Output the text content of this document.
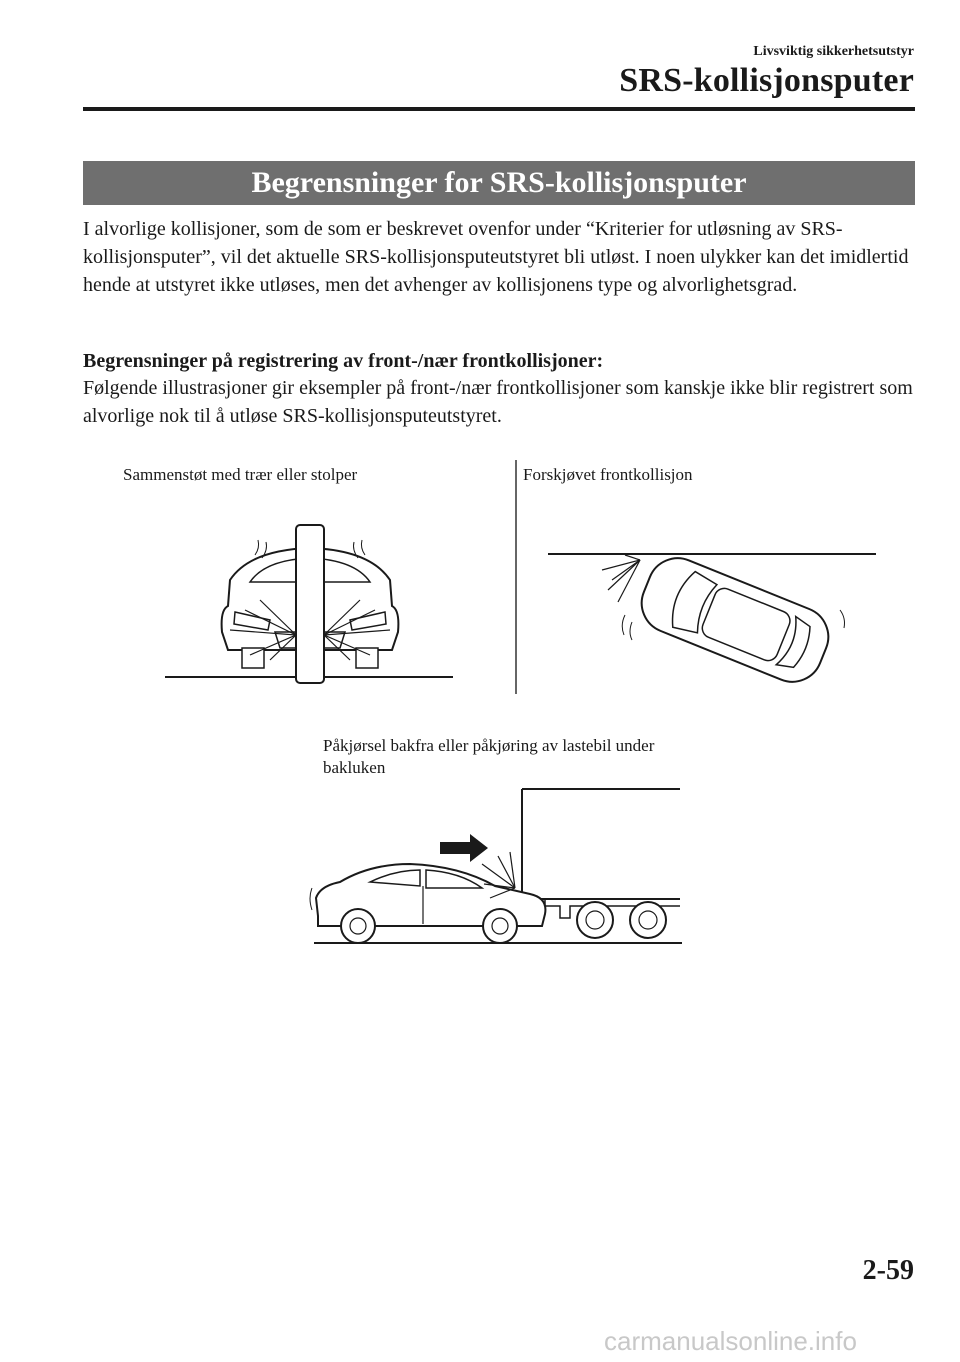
Livsviktig sikkerhetsutstyr
SRS-kollisjonsputer
Begrensninger for SRS-kollisjonsputer
I alvorlige kollisjoner, som de som er beskrevet ovenfor under “Kriterier for utløsning av SRS-kollisjonsputer”, vil det aktuelle SRS-kollisjonsputeutstyret bli utløst. I noen ulykker kan det imidlertid hende at utstyret ikke utløses, men det avhenger av kollisjonens type og alvorlighetsgrad.
Begrensninger på registrering av front-/nær frontkollisjoner:
Følgende illustrasjoner gir eksempler på front-/nær frontkollisjoner som kanskje ikke blir registrert som alvorlige nok til å utløse SRS-kollisjonsputeutstyret.
Sammenstøt med trær eller stolper	Forskjøvet frontkollisjon
Påkjørsel bakfra eller påkjøring av lastebil under bakluken
2-59
carmanualsonline.info
